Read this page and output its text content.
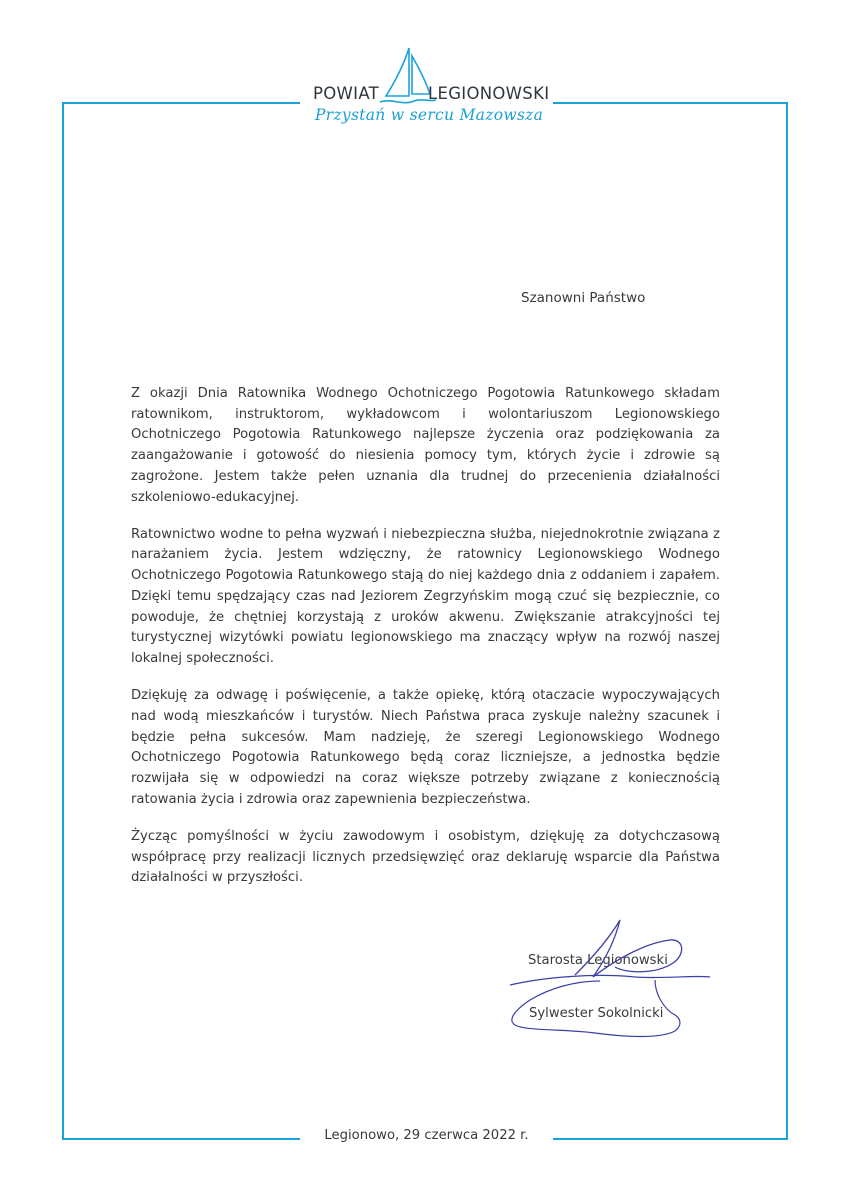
POWIAT	LEGIONOWSKI
Przystań w sercu Mazowsza
Szanowni Państwo

Z okazji Dnia Ratownika Wodnego Ochotniczego Pogotowia Ratunkowego składam ratownikom, instruktorom, wykładowcom i wolontariuszom Legionowskiego Ochotniczego Pogotowia Ratunkowego najlepsze życzenia oraz podziękowania za zaangażowanie i gotowość do niesienia pomocy tym, których życie i zdrowie są zagrożone. Jestem także pełen uznania dla trudnej do przecenienia działalności szkoleniowo-edukacyjnej.

Ratownictwo wodne to pełna wyzwań i niebezpieczna służba, niejednokrotnie związana z narażaniem życia. Jestem wdzięczny, że ratownicy Legionowskiego Wodnego Ochotniczego Pogotowia Ratunkowego stają do niej każdego dnia z oddaniem i zapałem. Dzięki temu spędzający czas nad Jeziorem Zegrzyńskim mogą czuć się bezpiecznie, co powoduje, że chętniej korzystają z uroków akwenu. Zwiększanie atrakcyjności tej turystycznej wizytówki powiatu legionowskiego ma znaczący wpływ na rozwój naszej lokalnej społeczności.

Dziękuję za odwagę i poświęcenie, a także opiekę, którą otaczacie wypoczywających nad wodą mieszkańców i turystów. Niech Państwa praca zyskuje należny szacunek i będzie pełna sukcesów. Mam nadzieję, że szeregi Legionowskiego Wodnego Ochotniczego Pogotowia Ratunkowego będą coraz liczniejsze, a jednostka będzie rozwijała się w odpowiedzi na coraz większe potrzeby związane z koniecznością ratowania życia i zdrowia oraz zapewnienia bezpieczeństwa.

Życząc pomyślności w życiu zawodowym i osobistym, dziękuję za dotychczasową współpracę przy realizacji licznych przedsięwzięć oraz deklaruję wsparcie dla Państwa działalności w przyszłości.

Starosta Legionowski
Sylwester Sokolnicki
Legionowo, 29 czerwca 2022 r.
